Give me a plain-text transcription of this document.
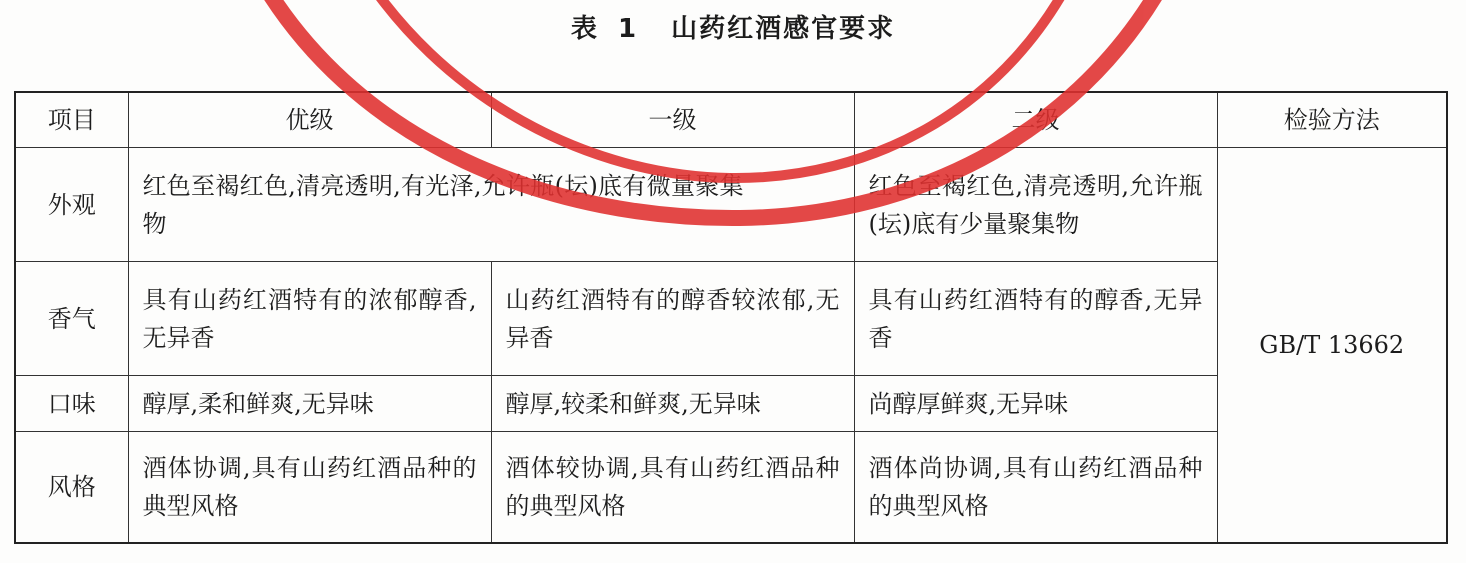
表 1 山药红酒感官要求
项目	优级	一级	二级	检验方法
外观	红色至褐红色,清亮透明,有光泽,允许瓶(坛)底有微量聚集物		红色至褐红色,清亮透明,允许瓶(坛)底有少量聚集物	GB/T 13662
香气	具有山药红酒特有的浓郁醇香,无异香	山药红酒特有的醇香较浓郁,无异香	具有山药红酒特有的醇香,无异香	
口味	醇厚,柔和鲜爽,无异味	醇厚,较柔和鲜爽,无异味	尚醇厚鲜爽,无异味	
风格	酒体协调,具有山药红酒品种的典型风格	酒体较协调,具有山药红酒品种的典型风格	酒体尚协调,具有山药红酒品种的典型风格	
